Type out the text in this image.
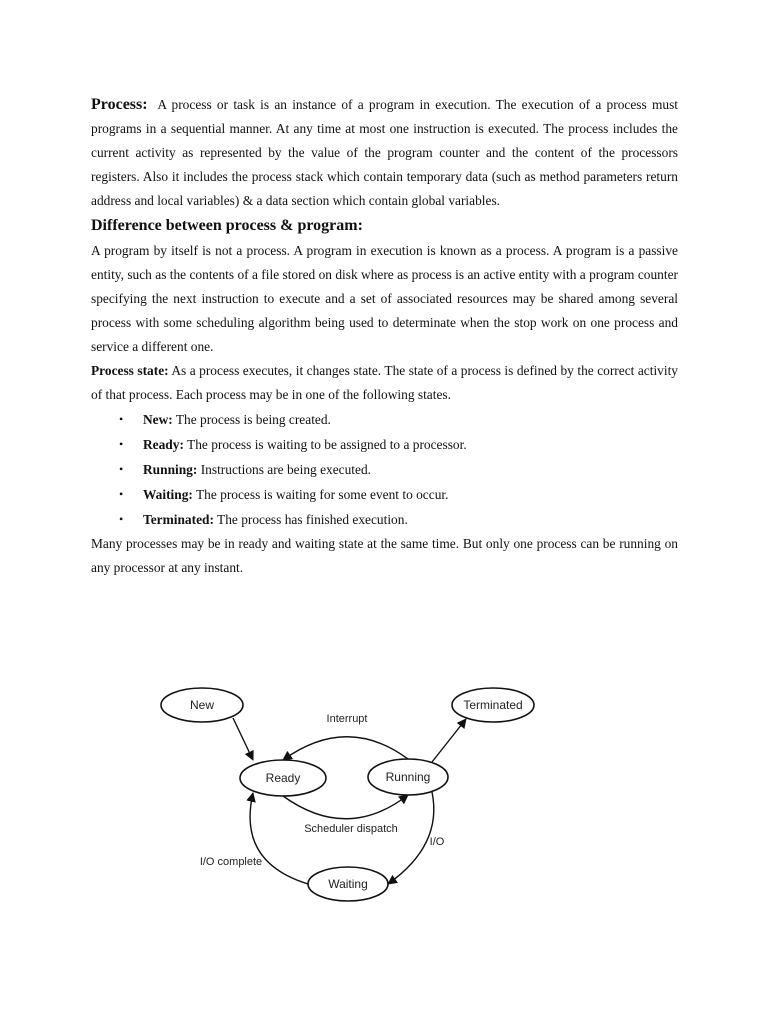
Process: A process or task is an instance of a program in execution. The execution of a process must programs in a sequential manner. At any time at most one instruction is executed. The process includes the current activity as represented by the value of the program counter and the content of the processors registers. Also it includes the process stack which contain temporary data (such as method parameters return address and local variables) & a data section which contain global variables.

Difference between process & program:

A program by itself is not a process. A program in execution is known as a process. A program is a passive entity, such as the contents of a file stored on disk where as process is an active entity with a program counter specifying the next instruction to execute and a set of associated resources may be shared among several process with some scheduling algorithm being used to determinate when the stop work on one process and service a different one.

Process state: As a process executes, it changes state. The state of a process is defined by the correct activity of that process. Each process may be in one of the following states.

• New: The process is being created.
• Ready: The process is waiting to be assigned to a processor.
• Running: Instructions are being executed.
• Waiting: The process is waiting for some event to occur.
• Terminated: The process has finished execution.

Many processes may be in ready and waiting state at the same time. But only one process can be running on any processor at any instant.

New	Terminated
Ready	Running
Waiting
Interrupt
Scheduler dispatch
I/O
I/O complete
